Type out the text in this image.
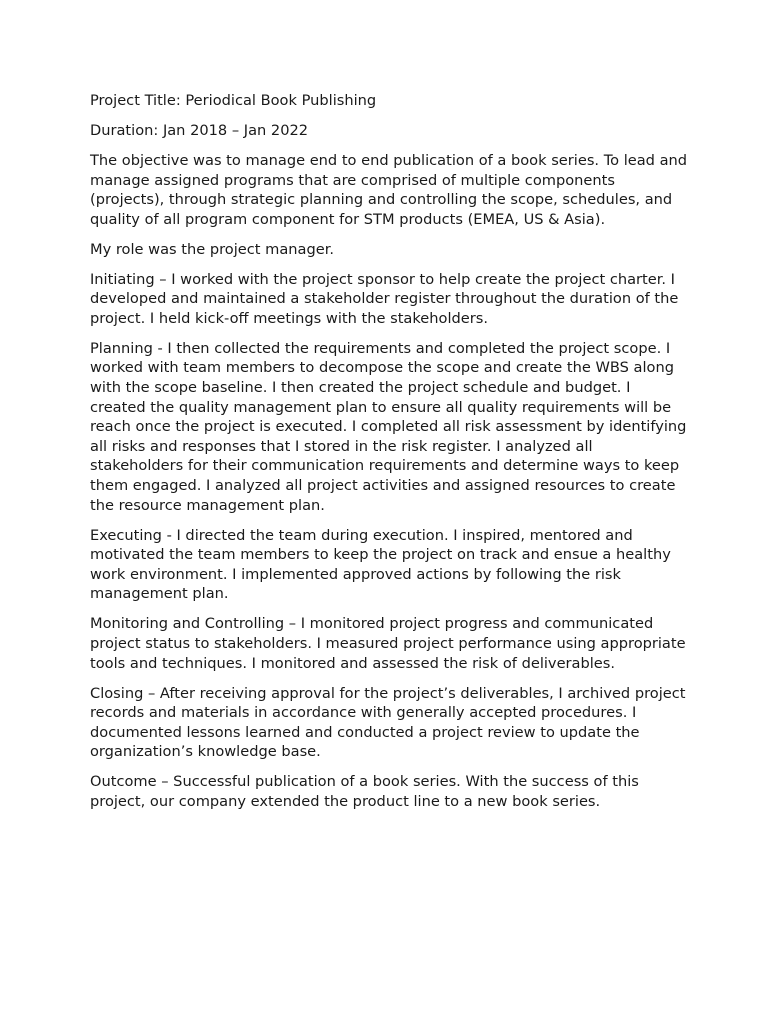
Project Title: Periodical Book Publishing

Duration: Jan 2018 – Jan 2022

The objective was to manage end to end publication of a book series. To lead and manage assigned programs that are comprised of multiple components (projects), through strategic planning and controlling the scope, schedules, and quality of all program component for STM products (EMEA, US & Asia).

My role was the project manager.

Initiating – I worked with the project sponsor to help create the project charter. I developed and maintained a stakeholder register throughout the duration of the project. I held kick-off meetings with the stakeholders.

Planning - I then collected the requirements and completed the project scope. I worked with team members to decompose the scope and create the WBS along with the scope baseline. I then created the project schedule and budget. I created the quality management plan to ensure all quality requirements will be reach once the project is executed. I completed all risk assessment by identifying all risks and responses that I stored in the risk register. I analyzed all stakeholders for their communication requirements and determine ways to keep them engaged. I analyzed all project activities and assigned resources to create the resource management plan.

Executing - I directed the team during execution. I inspired, mentored and motivated the team members to keep the project on track and ensue a healthy work environment. I implemented approved actions by following the risk management plan.

Monitoring and Controlling – I monitored project progress and communicated project status to stakeholders. I measured project performance using appropriate tools and techniques. I monitored and assessed the risk of deliverables.

Closing – After receiving approval for the project’s deliverables, I archived project records and materials in accordance with generally accepted procedures. I documented lessons learned and conducted a project review to update the organization’s knowledge base.

Outcome – Successful publication of a book series. With the success of this project, our company extended the product line to a new book series.
